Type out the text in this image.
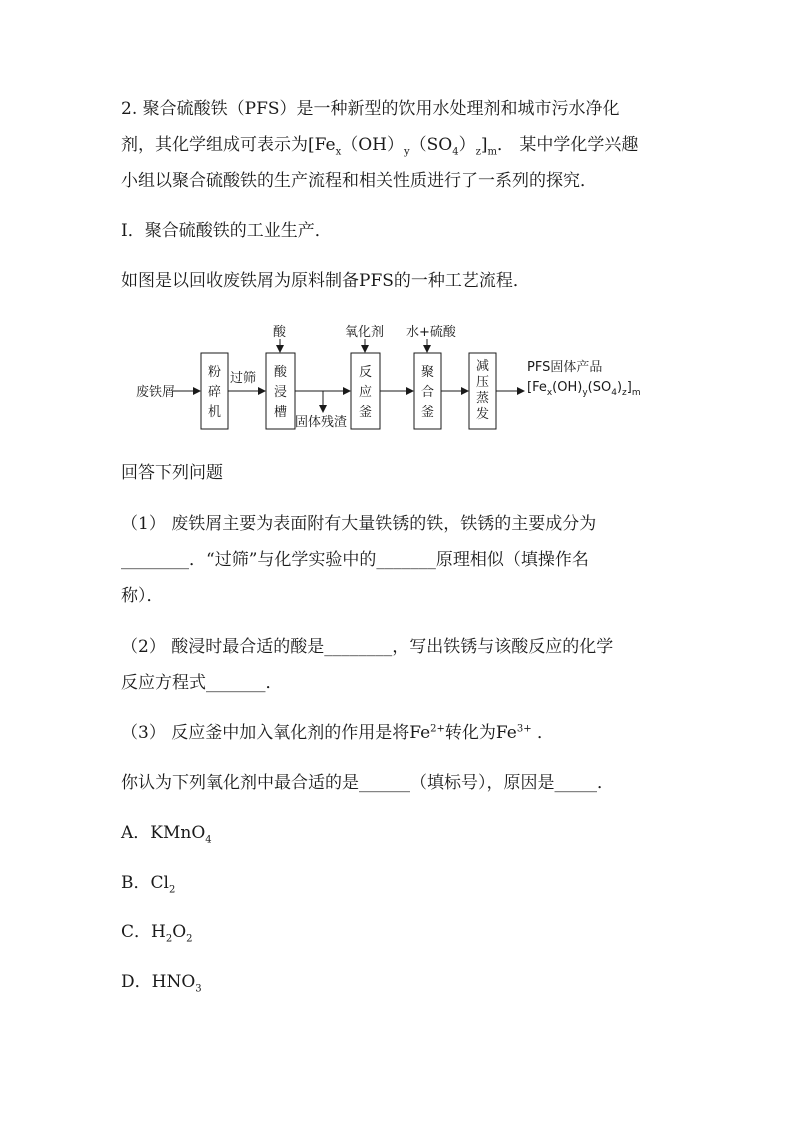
2. 聚合硫酸铁（PFS）是一种新型的饮用水处理剂和城市污水净化
剂，其化学组成可表示为$[Fe_x(OH)_y(SO_4)_z]_m$． 某中学化学兴趣
小组以聚合硫酸铁的生产流程和相关性质进行了一系列的探究．
Ⅰ．聚合硫酸铁的工业生产．
如图是以回收废铁屑为原料制备PFS的一种工艺流程．
废铁屑
过筛
粉
碎
机
酸
酸
浸
槽
固体残渣
氧化剂
反
应
釜
水+硫酸
聚
合
釜
减
压
蒸
发
PFS固体产品
$[Fe_x(OH)_y(SO_4)_z]_m$
回答下列问题
（1） 废铁屑主要为表面附有大量铁锈的铁，铁锈的主要成分为
________．“过筛”与化学实验中的_______原理相似（填操作名
称）．
（2） 酸浸时最合适的酸是________，写出铁锈与该酸反应的化学
反应方程式_______．
（3） 反应釜中加入氧化剂的作用是将$Fe^{2+}$转化为$Fe^{3+}$ ．
你认为下列氧化剂中最合适的是______（填标号），原因是_____．
A．KMnO$_4$
B．$Cl_2$
C．$H_2O_2$
D．$HNO_3$
